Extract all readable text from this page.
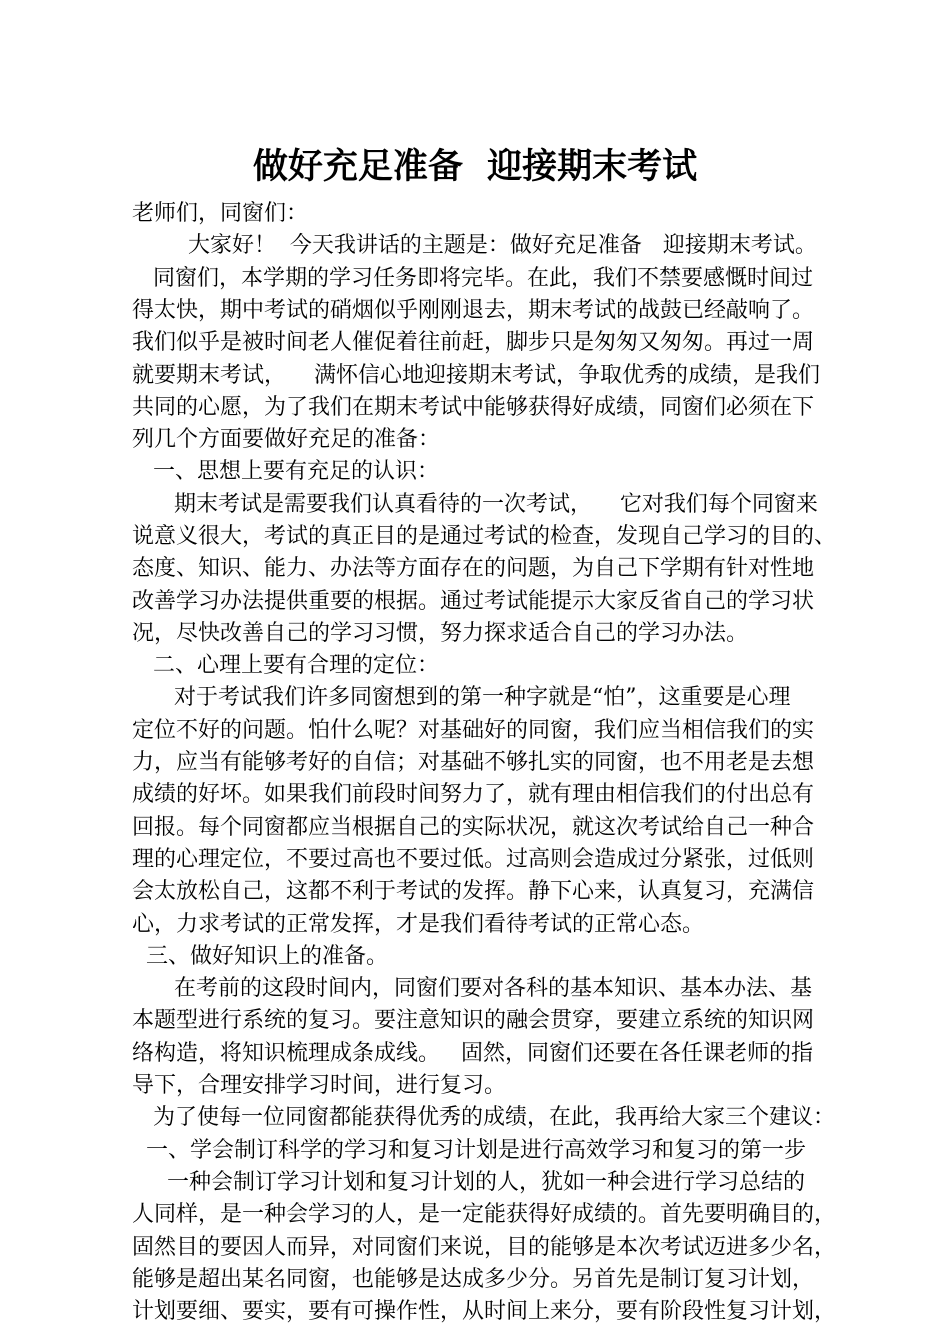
做好充足准备  迎接期末考试
老师们，同窗们：
大家好！  今天我讲话的主题是：做好充足准备   迎接期末考试。
同窗们，本学期的学习任务即将完毕。在此，我们不禁要感慨时间过
得太快，期中考试的硝烟似乎刚刚退去，期末考试的战鼓已经敲响了。
我们似乎是被时间老人催促着往前赶，脚步只是匆匆又匆匆。再过一周
就要期末考试，    满怀信心地迎接期末考试，争取优秀的成绩，是我们
共同的心愿，为了我们在期末考试中能够获得好成绩，同窗们必须在下
列几个方面要做好充足的准备：
一、思想上要有充足的认识：
期末考试是需要我们认真看待的一次考试，    它对我们每个同窗来
说意义很大，考试的真正目的是通过考试的检查，发现自己学习的目的、
态度、知识、能力、办法等方面存在的问题，为自己下学期有针对性地
改善学习办法提供重要的根据。通过考试能提示大家反省自己的学习状
况，尽快改善自己的学习习惯，努力探求适合自己的学习办法。
二、心理上要有合理的定位：
对于考试我们许多同窗想到的第一种字就是“怕”，这重要是心理
定位不好的问题。怕什么呢？对基础好的同窗，我们应当相信我们的实
力，应当有能够考好的自信；对基础不够扎实的同窗，也不用老是去想
成绩的好坏。如果我们前段时间努力了，就有理由相信我们的付出总有
回报。每个同窗都应当根据自己的实际状况，就这次考试给自己一种合
理的心理定位，不要过高也不要过低。过高则会造成过分紧张，过低则
会太放松自己，这都不利于考试的发挥。静下心来，认真复习，充满信
心，力求考试的正常发挥，才是我们看待考试的正常心态。
三、做好知识上的准备。
在考前的这段时间内，同窗们要对各科的基本知识、基本办法、基
本题型进行系统的复习。要注意知识的融会贯穿，要建立系统的知识网
络构造，将知识梳理成条成线。   固然，同窗们还要在各任课老师的指
导下，合理安排学习时间，进行复习。
为了使每一位同窗都能获得优秀的成绩，在此，我再给大家三个建议：
一、学会制订科学的学习和复习计划是进行高效学习和复习的第一步
一种会制订学习计划和复习计划的人，犹如一种会进行学习总结的
人同样，是一种会学习的人，是一定能获得好成绩的。首先要明确目的，
固然目的要因人而异，对同窗们来说，目的能够是本次考试迈进多少名，
能够是超出某名同窗，也能够是达成多少分。另首先是制订复习计划，
计划要细、要实，要有可操作性，从时间上来分，要有阶段性复习计划，
